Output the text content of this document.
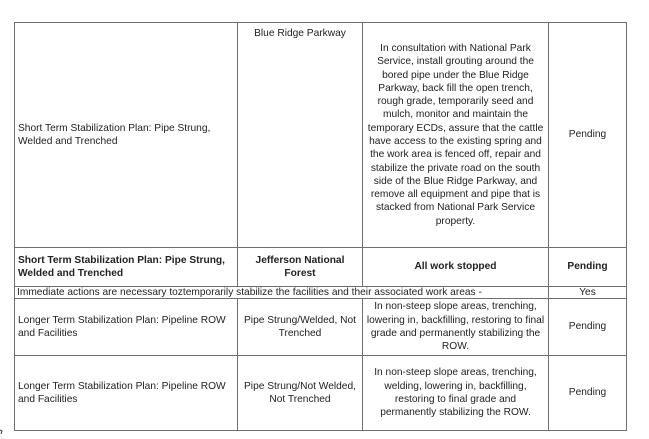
Short Term Stabilization Plan: Pipe Strung, Welded and Trenched	Blue Ridge Parkway	In consultation with National Park Service, install grouting around the bored pipe under the Blue Ridge Parkway, back fill the open trench, rough grade, temporarily seed and mulch, monitor and maintain the temporary ECDs, assure that the cattle have access to the existing spring and the work area is fenced off, repair and stabilize the private road on the south side of the Blue Ridge Parkway, and remove all equipment and pipe that is stacked from National Park Service property.	Pending
Short Term Stabilization Plan: Pipe Strung, Welded and Trenched	Jefferson National Forest	All work stopped	Pending
Immediate actions are necessary toztemporarily stabilize the facilities and their associated work areas -			Yes
Longer Term Stabilization Plan: Pipeline ROW and Facilities	Pipe Strung/Welded, Not Trenched	In non-steep slope areas, trenching, lowering in, backfilling, restoring to final grade and permanently stabilizing the ROW.	Pending
Longer Term Stabilization Plan: Pipeline ROW and Facilities	Pipe Strung/Not Welded, Not Trenched	In non-steep slope areas, trenching, welding, lowering in, backfilling, restoring to final grade and permanently stabilizing the ROW.	Pending
